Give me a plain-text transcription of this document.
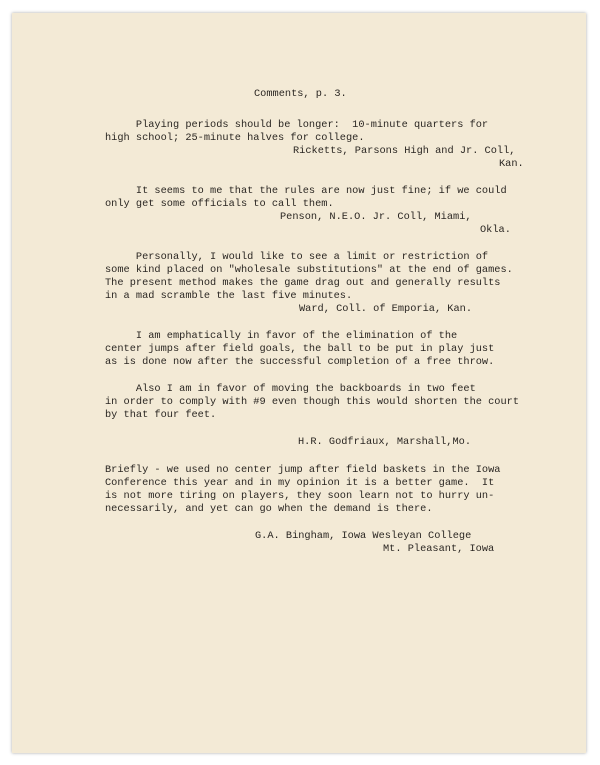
Comments, p. 3.

Playing periods should be longer:  10-minute quarters for

high school; 25-minute halves for college.

Ricketts, Parsons High and Jr. Coll,

Kan.

It seems to me that the rules are now just fine; if we could

only get some officials to call them.

Penson, N.E.O. Jr. Coll, Miami,

Okla.

Personally, I would like to see a limit or restriction of

some kind placed on "wholesale substitutions" at the end of games.

The present method makes the game drag out and generally results

in a mad scramble the last five minutes.

Ward, Coll. of Emporia, Kan.

I am emphatically in favor of the elimination of the

center jumps after field goals, the ball to be put in play just

as is done now after the successful completion of a free throw.

Also I am in favor of moving the backboards in two feet

in order to comply with #9 even though this would shorten the court

by that four feet.

H.R. Godfriaux, Marshall,Mo.

Briefly - we used no center jump after field baskets in the Iowa

Conference this year and in my opinion it is a better game.  It

is not more tiring on players, they soon learn not to hurry un-

necessarily, and yet can go when the demand is there.

G.A. Bingham, Iowa Wesleyan College

Mt. Pleasant, Iowa
